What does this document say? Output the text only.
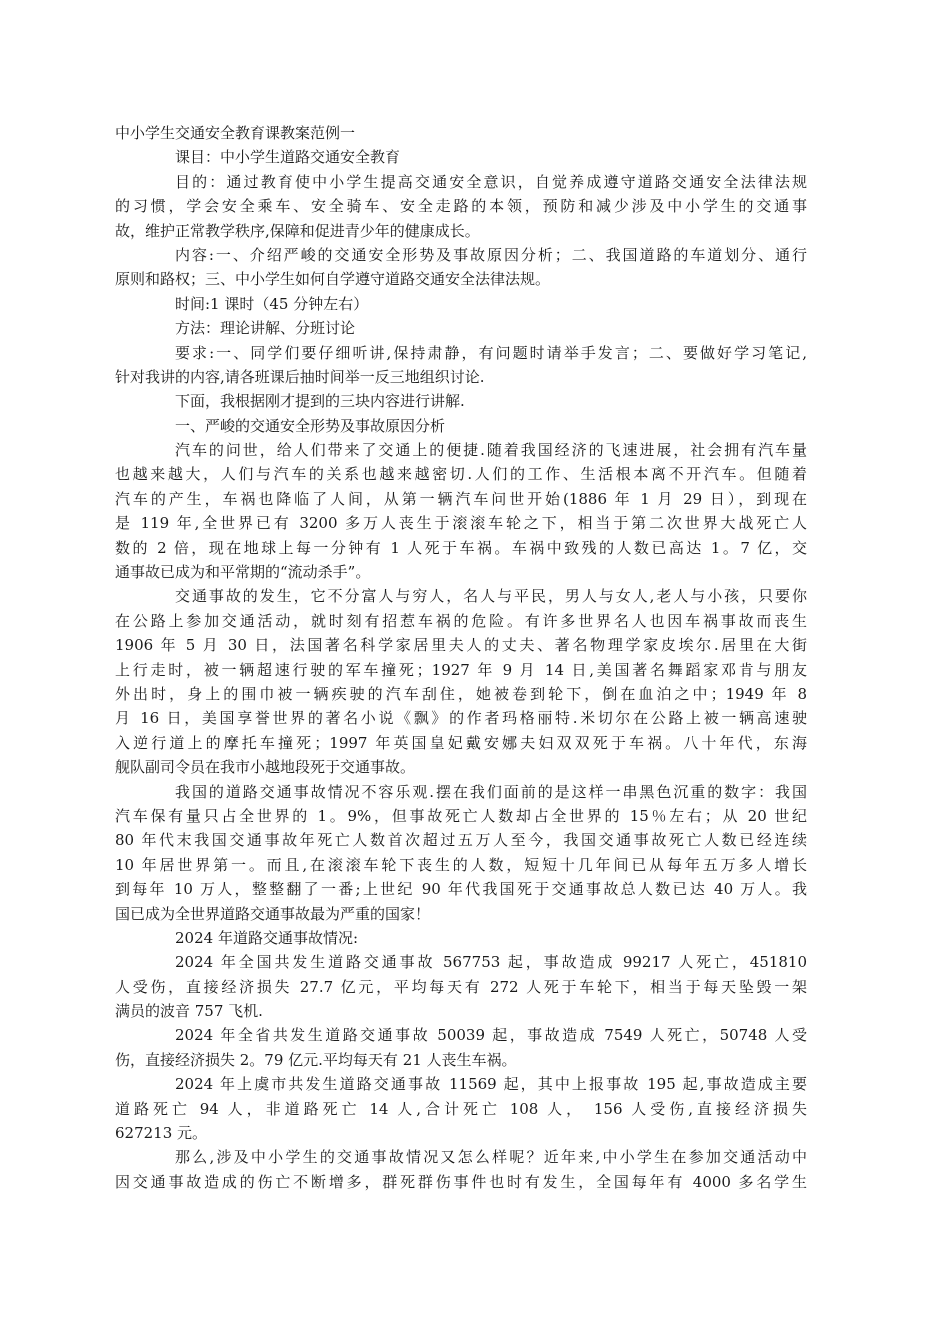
中小学生交通安全教育课教案范例一
课目：中小学生道路交通安全教育
目的：通过教育使中小学生提高交通安全意识，自觉养成遵守道路交通安全法律法规
的习惯，学会安全乘车、安全骑车、安全走路的本领，预防和减少涉及中小学生的交通事
故，维护正常教学秩序,保障和促进青少年的健康成长。
内容:一、介绍严峻的交通安全形势及事故原因分析；二、我国道路的车道划分、通行
原则和路权；三、中小学生如何自学遵守道路交通安全法律法规。
时间:1 课时（45 分钟左右）
方法：理论讲解、分班讨论
要求:一、同学们要仔细听讲,保持肃静，有问题时请举手发言；二、要做好学习笔记,
针对我讲的内容,请各班课后抽时间举一反三地组织讨论.
下面，我根据刚才提到的三块内容进行讲解.
一、严峻的交通安全形势及事故原因分析
汽车的问世，给人们带来了交通上的便捷.随着我国经济的飞速进展，社会拥有汽车量
也越来越大，人们与汽车的关系也越来越密切.人们的工作、生活根本离不开汽车。但随着
汽车的产生，车祸也降临了人间，从第一辆汽车问世开始(1886 年 1 月 29 日），到现在
是 119 年,全世界已有 3200 多万人丧生于滚滚车轮之下，相当于第二次世界大战死亡人
数的 2 倍，现在地球上每一分钟有 1 人死于车祸。车祸中致残的人数已高达 1。7 亿，交
通事故已成为和平常期的“流动杀手”。
交通事故的发生，它不分富人与穷人，名人与平民，男人与女人,老人与小孩，只要你
在公路上参加交通活动，就时刻有招惹车祸的危险。有许多世界名人也因车祸事故而丧生
1906 年 5 月 30 日，法国著名科学家居里夫人的丈夫、著名物理学家皮埃尔.居里在大街
上行走时，被一辆超速行驶的军车撞死；1927 年 9 月 14 日,美国著名舞蹈家邓肯与朋友
外出时，身上的围巾被一辆疾驶的汽车刮住，她被卷到轮下，倒在血泊之中；1949 年 8
月 16 日，美国享誉世界的著名小说《飘》的作者玛格丽特.米切尔在公路上被一辆高速驶
入逆行道上的摩托车撞死；1997 年英国皇妃戴安娜夫妇双双死于车祸。八十年代，东海
舰队副司令员在我市小越地段死于交通事故。
我国的道路交通事故情况不容乐观.摆在我们面前的是这样一串黑色沉重的数字：我国
汽车保有量只占全世界的 1。9%，但事故死亡人数却占全世界的 15％左右；从 20 世纪
80 年代末我国交通事故年死亡人数首次超过五万人至今，我国交通事故死亡人数已经连续
10 年居世界第一。而且,在滚滚车轮下丧生的人数，短短十几年间已从每年五万多人增长
到每年 10 万人，整整翻了一番;上世纪 90 年代我国死于交通事故总人数已达 40 万人。我
国已成为全世界道路交通事故最为严重的国家！
2024 年道路交通事故情况:
2024 年全国共发生道路交通事故 567753 起，事故造成 99217 人死亡，451810
人受伤，直接经济损失 27.7 亿元，平均每天有 272 人死于车轮下，相当于每天坠毁一架
满员的波音 757 飞机.
2024 年全省共发生道路交通事故 50039 起，事故造成 7549 人死亡，50748 人受
伤，直接经济损失 2。79 亿元.平均每天有 21 人丧生车祸。
2024 年上虞市共发生道路交通事故 11569 起，其中上报事故 195 起,事故造成主要
道路死亡 94 人，非道路死亡 14 人,合计死亡 108 人， 156 人受伤,直接经济损失
627213 元。
那么,涉及中小学生的交通事故情况又怎么样呢？近年来,中小学生在参加交通活动中
因交通事故造成的伤亡不断增多，群死群伤事件也时有发生，全国每年有 4000 多名学生
